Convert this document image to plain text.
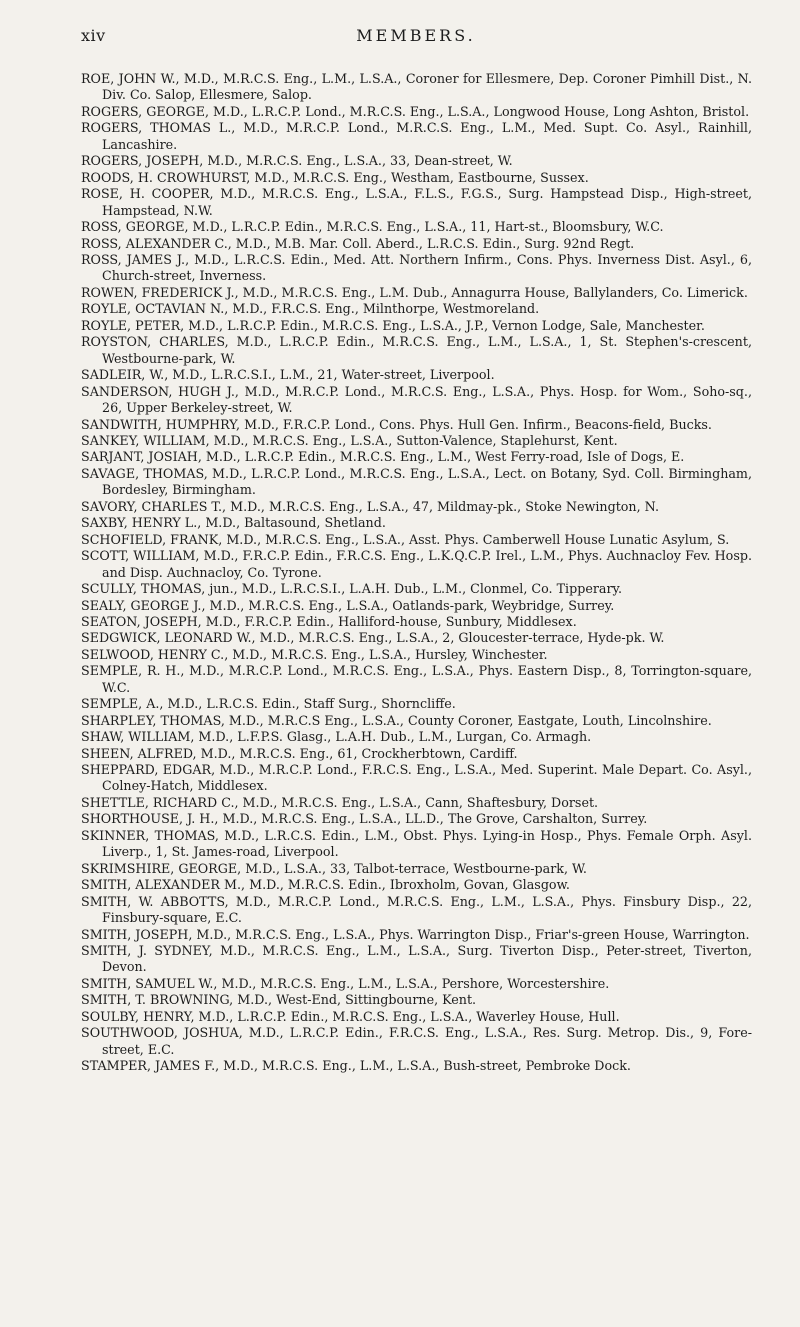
xiv	MEMBERS.

ROE, JOHN W., M.D., M.R.C.S. Eng., L.M., L.S.A., Coroner for Ellesmere, Dep. Coroner Pimhill Dist., N. Div. Co. Salop, Ellesmere, Salop.

ROGERS, GEORGE, M.D., L.R.C.P. Lond., M.R.C.S. Eng., L.S.A., Longwood House, Long Ashton, Bristol.

ROGERS, THOMAS L., M.D., M.R.C.P. Lond., M.R.C.S. Eng., L.M., Med. Supt. Co. Asyl., Rainhill, Lancashire.

ROGERS, JOSEPH, M.D., M.R.C.S. Eng., L.S.A., 33, Dean-street, W.

ROODS, H. CROWHURST, M.D., M.R.C.S. Eng., Westham, Eastbourne, Sussex.

ROSE, H. COOPER, M.D., M.R.C.S. Eng., L.S.A., F.L.S., F.G.S., Surg. Hampstead Disp., High-street, Hampstead, N.W.

ROSS, GEORGE, M.D., L.R.C.P. Edin., M.R.C.S. Eng., L.S.A., 11, Hart-st., Bloomsbury, W.C.

ROSS, ALEXANDER C., M.D., M.B. Mar. Coll. Aberd., L.R.C.S. Edin., Surg. 92nd Regt.

ROSS, JAMES J., M.D., L.R.C.S. Edin., Med. Att. Northern Infirm., Cons. Phys. Inverness Dist. Asyl., 6, Church-street, Inverness.

ROWEN, FREDERICK J., M.D., M.R.C.S. Eng., L.M. Dub., Annagurra House, Ballylanders, Co. Limerick.

ROYLE, OCTAVIAN N., M.D., F.R.C.S. Eng., Milnthorpe, Westmoreland.

ROYLE, PETER, M.D., L.R.C.P. Edin., M.R.C.S. Eng., L.S.A., J.P., Vernon Lodge, Sale, Manchester.

ROYSTON, CHARLES, M.D., L.R.C.P. Edin., M.R.C.S. Eng., L.M., L.S.A., 1, St. Stephen's-crescent, Westbourne-park, W.

SADLEIR, W., M.D., L.R.C.S.I., L.M., 21, Water-street, Liverpool.

SANDERSON, HUGH J., M.D., M.R.C.P. Lond., M.R.C.S. Eng., L.S.A., Phys. Hosp. for Wom., Soho-sq., 26, Upper Berkeley-street, W.

SANDWITH, HUMPHRY, M.D., F.R.C.P. Lond., Cons. Phys. Hull Gen. Infirm., Beacons-field, Bucks.

SANKEY, WILLIAM, M.D., M.R.C.S. Eng., L.S.A., Sutton-Valence, Staplehurst, Kent.

SARJANT, JOSIAH, M.D., L.R.C.P. Edin., M.R.C.S. Eng., L.M., West Ferry-road, Isle of Dogs, E.

SAVAGE, THOMAS, M.D., L.R.C.P. Lond., M.R.C.S. Eng., L.S.A., Lect. on Botany, Syd. Coll. Birmingham, Bordesley, Birmingham.

SAVORY, CHARLES T., M.D., M.R.C.S. Eng., L.S.A., 47, Mildmay-pk., Stoke Newington, N.

SAXBY, HENRY L., M.D., Baltasound, Shetland.

SCHOFIELD, FRANK, M.D., M.R.C.S. Eng., L.S.A., Asst. Phys. Camberwell House Lunatic Asylum, S.

SCOTT, WILLIAM, M.D., F.R.C.P. Edin., F.R.C.S. Eng., L.K.Q.C.P. Irel., L.M., Phys. Auchnacloy Fev. Hosp. and Disp. Auchnacloy, Co. Tyrone.

SCULLY, THOMAS, jun., M.D., L.R.C.S.I., L.A.H. Dub., L.M., Clonmel, Co. Tipperary.

SEALY, GEORGE J., M.D., M.R.C.S. Eng., L.S.A., Oatlands-park, Weybridge, Surrey.

SEATON, JOSEPH, M.D., F.R.C.P. Edin., Halliford-house, Sunbury, Middlesex.

SEDGWICK, LEONARD W., M.D., M.R.C.S. Eng., L.S.A., 2, Gloucester-terrace, Hyde-pk. W.

SELWOOD, HENRY C., M.D., M.R.C.S. Eng., L.S.A., Hursley, Winchester.

SEMPLE, R. H., M.D., M.R.C.P. Lond., M.R.C.S. Eng., L.S.A., Phys. Eastern Disp., 8, Torrington-square, W.C.

SEMPLE, A., M.D., L.R.C.S. Edin., Staff Surg., Shorncliffe.

SHARPLEY, THOMAS, M.D., M.R.C.S Eng., L.S.A., County Coroner, Eastgate, Louth, Lincolnshire.

SHAW, WILLIAM, M.D., L.F.P.S. Glasg., L.A.H. Dub., L.M., Lurgan, Co. Armagh.

SHEEN, ALFRED, M.D., M.R.C.S. Eng., 61, Crockherbtown, Cardiff.

SHEPPARD, EDGAR, M.D., M.R.C.P. Lond., F.R.C.S. Eng., L.S.A., Med. Superint. Male Depart. Co. Asyl., Colney-Hatch, Middlesex.

SHETTLE, RICHARD C., M.D., M.R.C.S. Eng., L.S.A., Cann, Shaftesbury, Dorset.

SHORTHOUSE, J. H., M.D., M.R.C.S. Eng., L.S.A., LL.D., The Grove, Carshalton, Surrey.

SKINNER, THOMAS, M.D., L.R.C.S. Edin., L.M., Obst. Phys. Lying-in Hosp., Phys. Female Orph. Asyl. Liverp., 1, St. James-road, Liverpool.

SKRIMSHIRE, GEORGE, M.D., L.S.A., 33, Talbot-terrace, Westbourne-park, W.

SMITH, ALEXANDER M., M.D., M.R.C.S. Edin., Ibroxholm, Govan, Glasgow.

SMITH, W. ABBOTTS, M.D., M.R.C.P. Lond., M.R.C.S. Eng., L.M., L.S.A., Phys. Finsbury Disp., 22, Finsbury-square, E.C.

SMITH, JOSEPH, M.D., M.R.C.S. Eng., L.S.A., Phys. Warrington Disp., Friar's-green House, Warrington.

SMITH, J. SYDNEY, M.D., M.R.C.S. Eng., L.M., L.S.A., Surg. Tiverton Disp., Peter-street, Tiverton, Devon.

SMITH, SAMUEL W., M.D., M.R.C.S. Eng., L.M., L.S.A., Pershore, Worcestershire.

SMITH, T. BROWNING, M.D., West-End, Sittingbourne, Kent.

SOULBY, HENRY, M.D., L.R.C.P. Edin., M.R.C.S. Eng., L.S.A., Waverley House, Hull.

SOUTHWOOD, JOSHUA, M.D., L.R.C.P. Edin., F.R.C.S. Eng., L.S.A., Res. Surg. Metrop. Dis., 9, Fore-street, E.C.

STAMPER, JAMES F., M.D., M.R.C.S. Eng., L.M., L.S.A., Bush-street, Pembroke Dock.
